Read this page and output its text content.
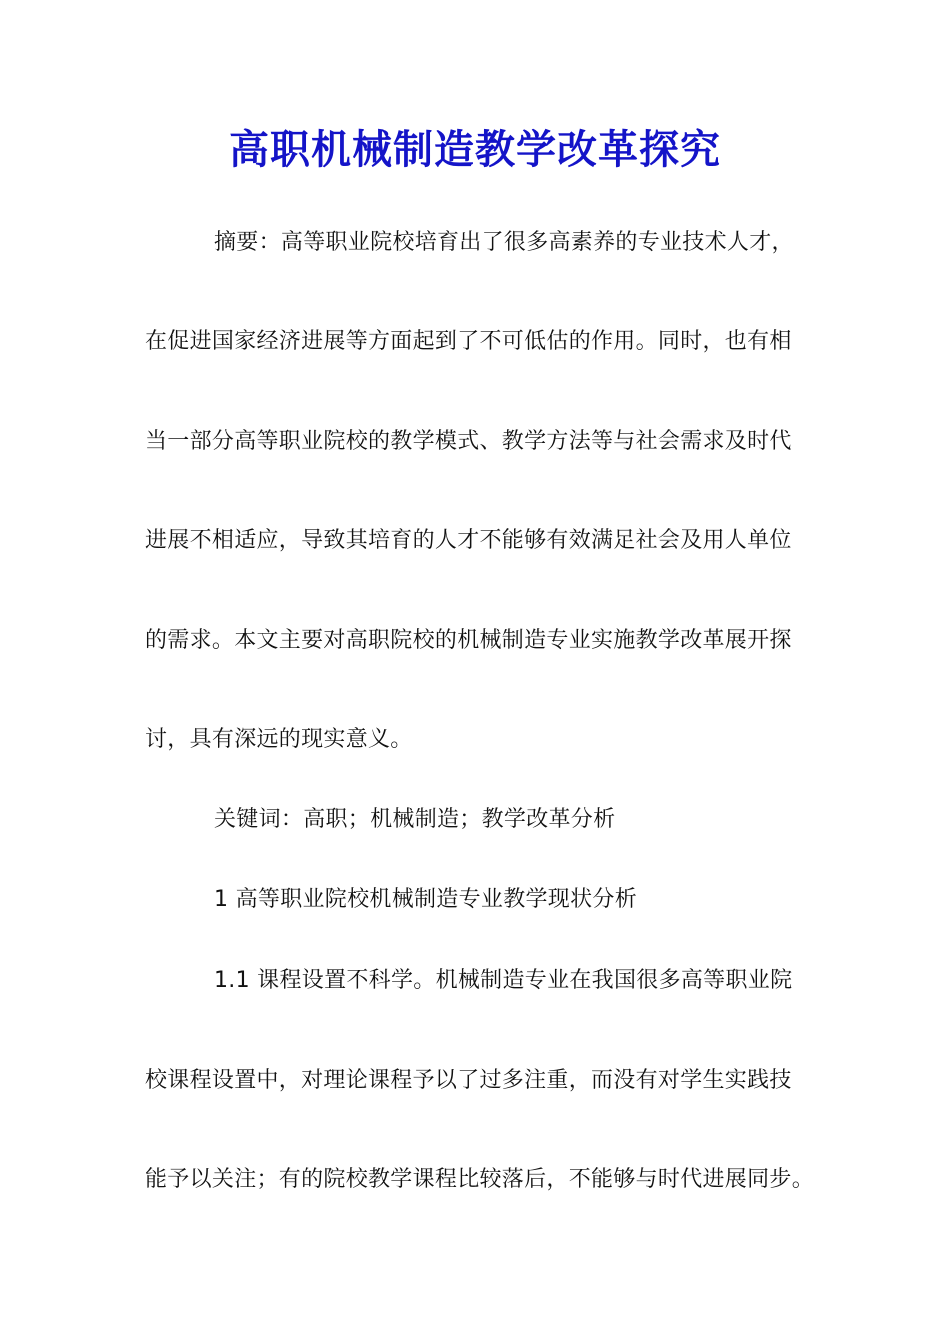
高职机械制造教学改革探究
摘要：高等职业院校培育出了很多高素养的专业技术人才，
在促进国家经济进展等方面起到了不可低估的作用。同时，也有相
当一部分高等职业院校的教学模式、教学方法等与社会需求及时代
进展不相适应，导致其培育的人才不能够有效满足社会及用人单位
的需求。本文主要对高职院校的机械制造专业实施教学改革展开探
讨，具有深远的现实意义。
关键词：高职；机械制造；教学改革分析
1 高等职业院校机械制造专业教学现状分析
1.1 课程设置不科学。机械制造专业在我国很多高等职业院
校课程设置中，对理论课程予以了过多注重，而没有对学生实践技
能予以关注；有的院校教学课程比较落后，不能够与时代进展同步。
